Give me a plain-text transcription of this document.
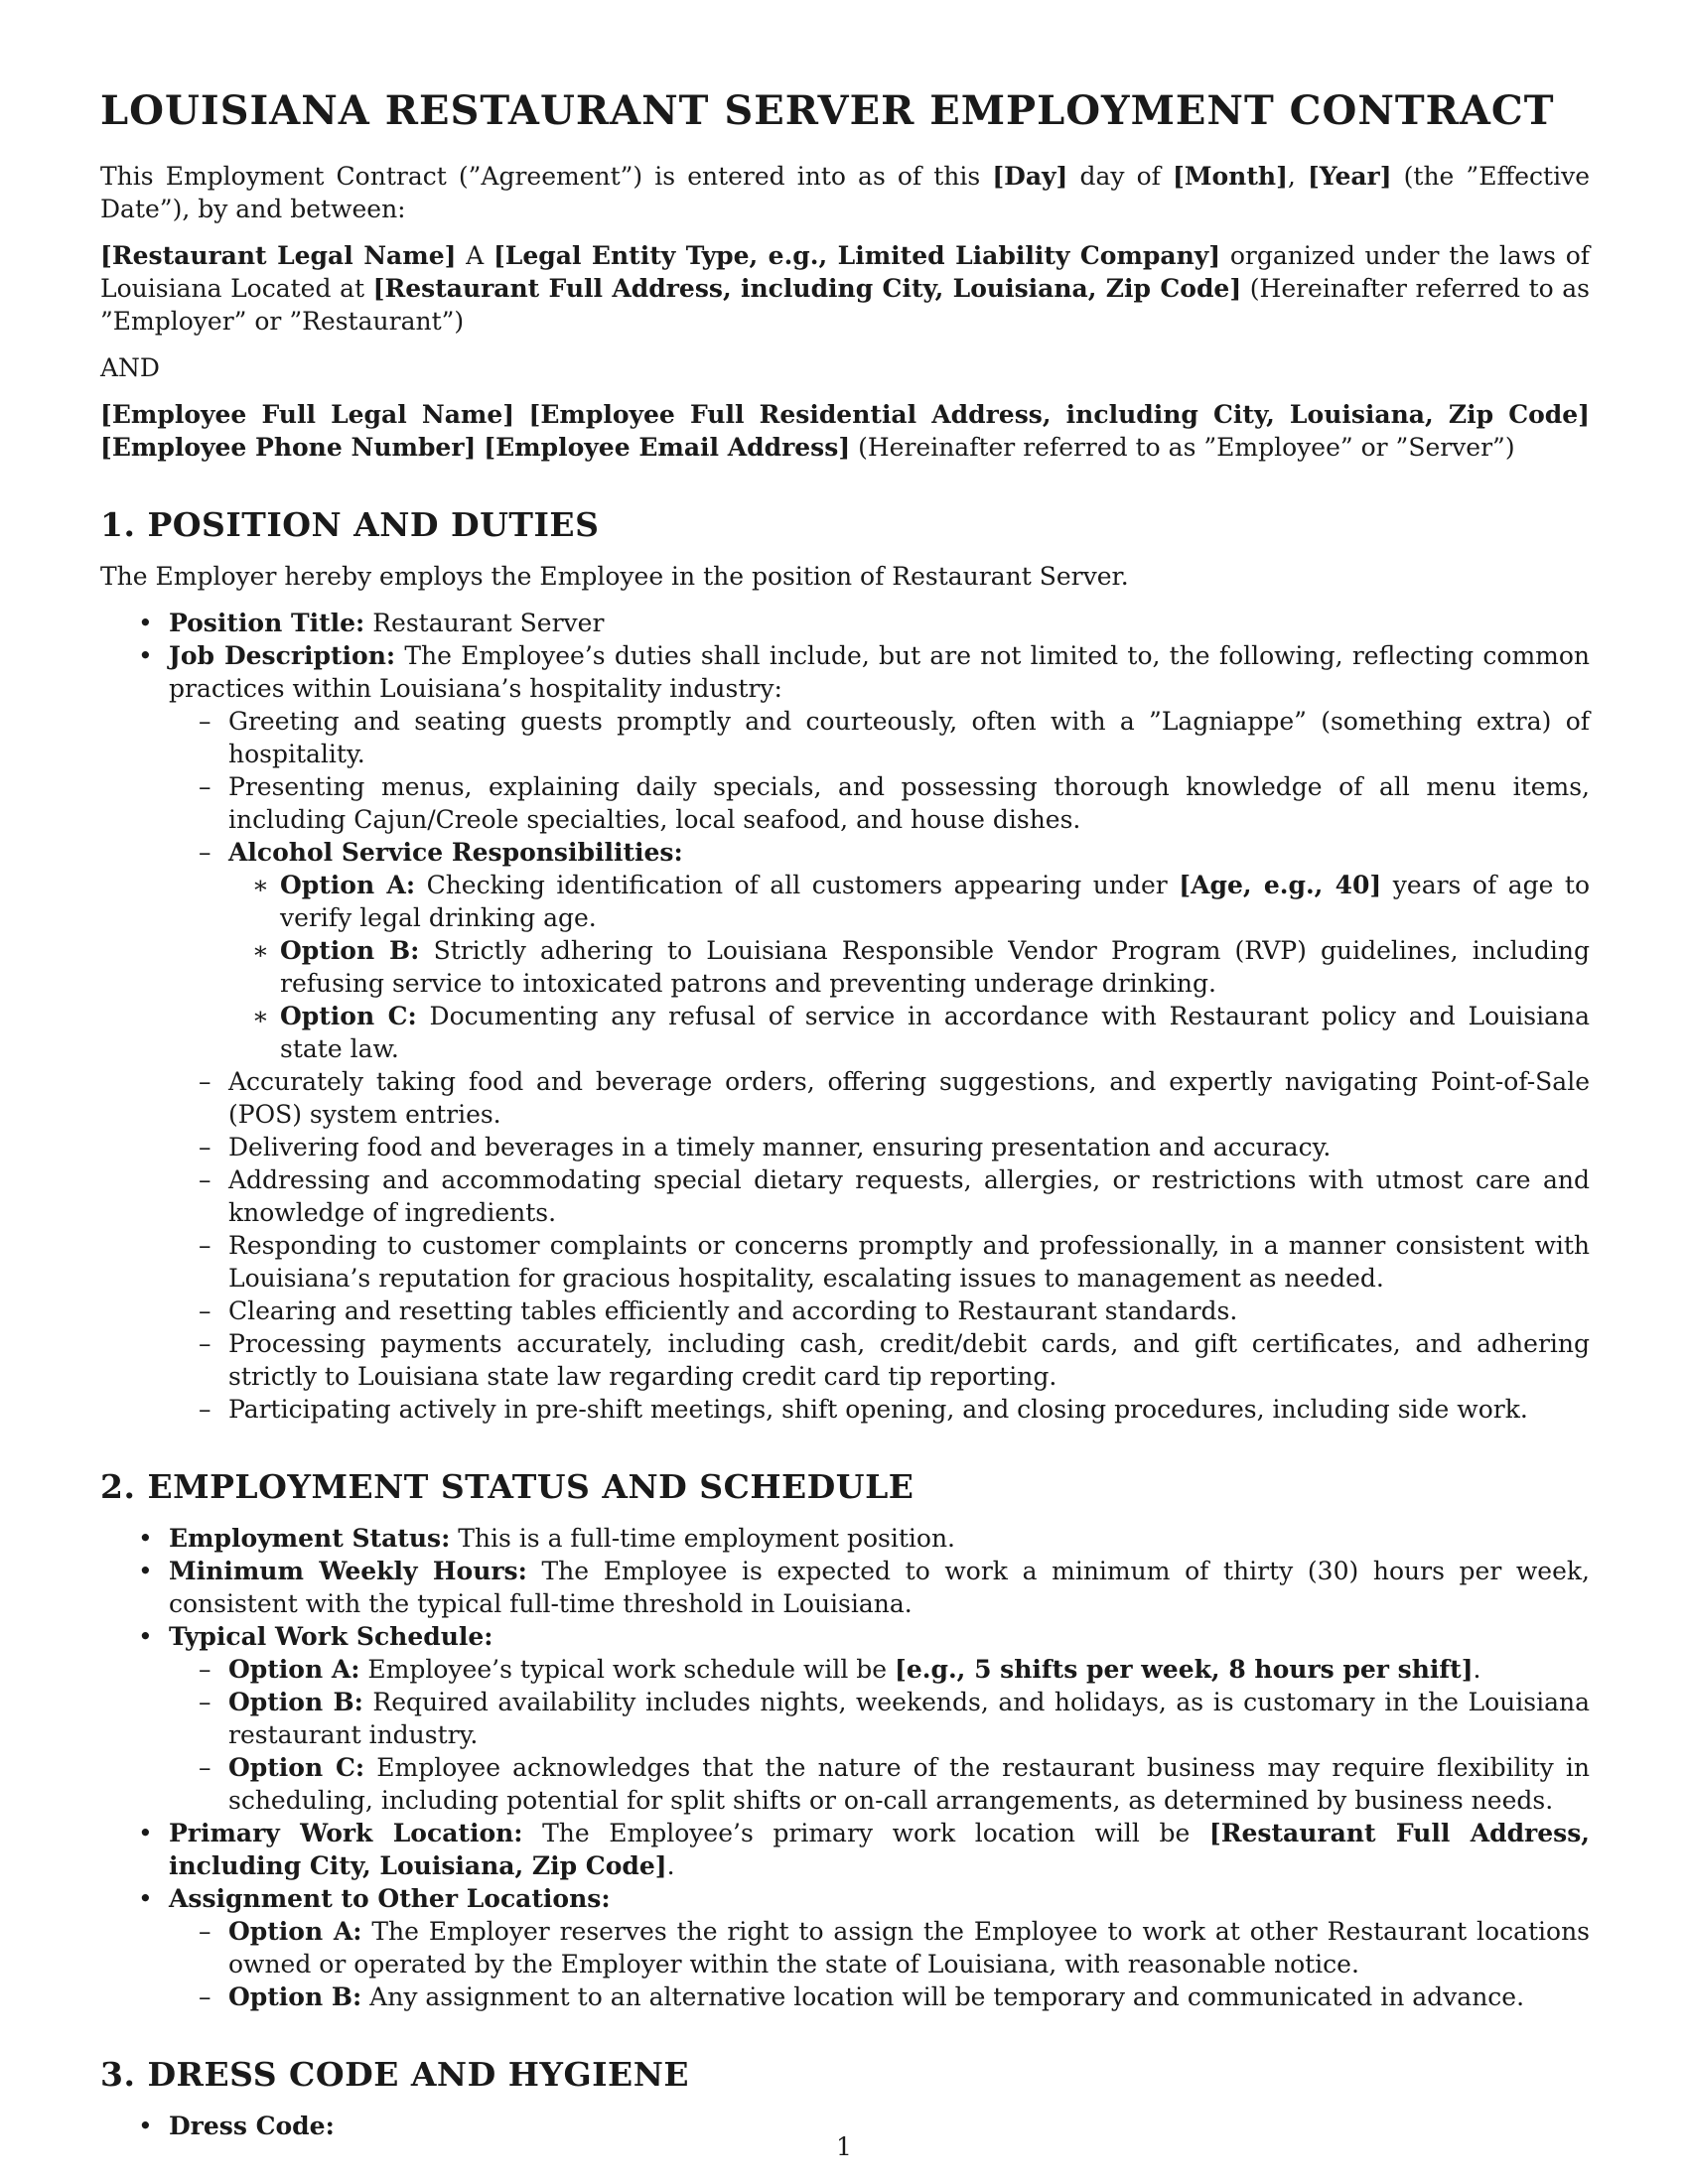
LOUISIANA RESTAURANT SERVER EMPLOYMENT CONTRACT

This Employment Contract (”Agreement”) is entered into as of this [Day] day of [Month], [Year] (the ”Effective Date”), by and between:

[Restaurant Legal Name] A [Legal Entity Type, e.g., Limited Liability Company] organized under the laws of Louisiana Located at [Restaurant Full Address, including City, Louisiana, Zip Code] (Hereinafter referred to as ”Employer” or ”Restaurant”)

AND

[Employee Full Legal Name] [Employee Full Residential Address, including City, Louisiana, Zip Code] [Employee Phone Number] [Employee Email Address] (Hereinafter referred to as ”Employee” or ”Server”)

1. POSITION AND DUTIES

The Employer hereby employs the Employee in the position of Restaurant Server.

• Position Title: Restaurant Server
• Job Description: The Employee’s duties shall include, but are not limited to, the following, reflecting common practices within Louisiana’s hospitality industry:
– Greeting and seating guests promptly and courteously, often with a ”Lagniappe” (something extra) of hospitality.
– Presenting menus, explaining daily specials, and possessing thorough knowledge of all menu items, including Cajun/Creole specialties, local seafood, and house dishes.
– Alcohol Service Responsibilities:
∗ Option A: Checking identification of all customers appearing under [Age, e.g., 40] years of age to verify legal drinking age.
∗ Option B: Strictly adhering to Louisiana Responsible Vendor Program (RVP) guidelines, including refusing service to intoxicated patrons and preventing underage drinking.
∗ Option C: Documenting any refusal of service in accordance with Restaurant policy and Louisiana state law.
– Accurately taking food and beverage orders, offering suggestions, and expertly navigating Point-of-Sale (POS) system entries.
– Delivering food and beverages in a timely manner, ensuring presentation and accuracy.
– Addressing and accommodating special dietary requests, allergies, or restrictions with utmost care and knowledge of ingredients.
– Responding to customer complaints or concerns promptly and professionally, in a manner consistent with Louisiana’s reputation for gracious hospitality, escalating issues to management as needed.
– Clearing and resetting tables efficiently and according to Restaurant standards.
– Processing payments accurately, including cash, credit/debit cards, and gift certificates, and adhering strictly to Louisiana state law regarding credit card tip reporting.
– Participating actively in pre-shift meetings, shift opening, and closing procedures, including side work.
2. EMPLOYMENT STATUS AND SCHEDULE
• Employment Status: This is a full-time employment position.
• Minimum Weekly Hours: The Employee is expected to work a minimum of thirty (30) hours per week, consistent with the typical full-time threshold in Louisiana.
• Typical Work Schedule:
– Option A: Employee’s typical work schedule will be [e.g., 5 shifts per week, 8 hours per shift].
– Option B: Required availability includes nights, weekends, and holidays, as is customary in the Louisiana restaurant industry.
– Option C: Employee acknowledges that the nature of the restaurant business may require flexibility in scheduling, including potential for split shifts or on-call arrangements, as determined by business needs.
• Primary Work Location: The Employee’s primary work location will be [Restaurant Full Address, including City, Louisiana, Zip Code].
• Assignment to Other Locations:
– Option A: The Employer reserves the right to assign the Employee to work at other Restaurant locations owned or operated by the Employer within the state of Louisiana, with reasonable notice.
– Option B: Any assignment to an alternative location will be temporary and communicated in advance.
3. DRESS CODE AND HYGIENE
• Dress Code:
1
